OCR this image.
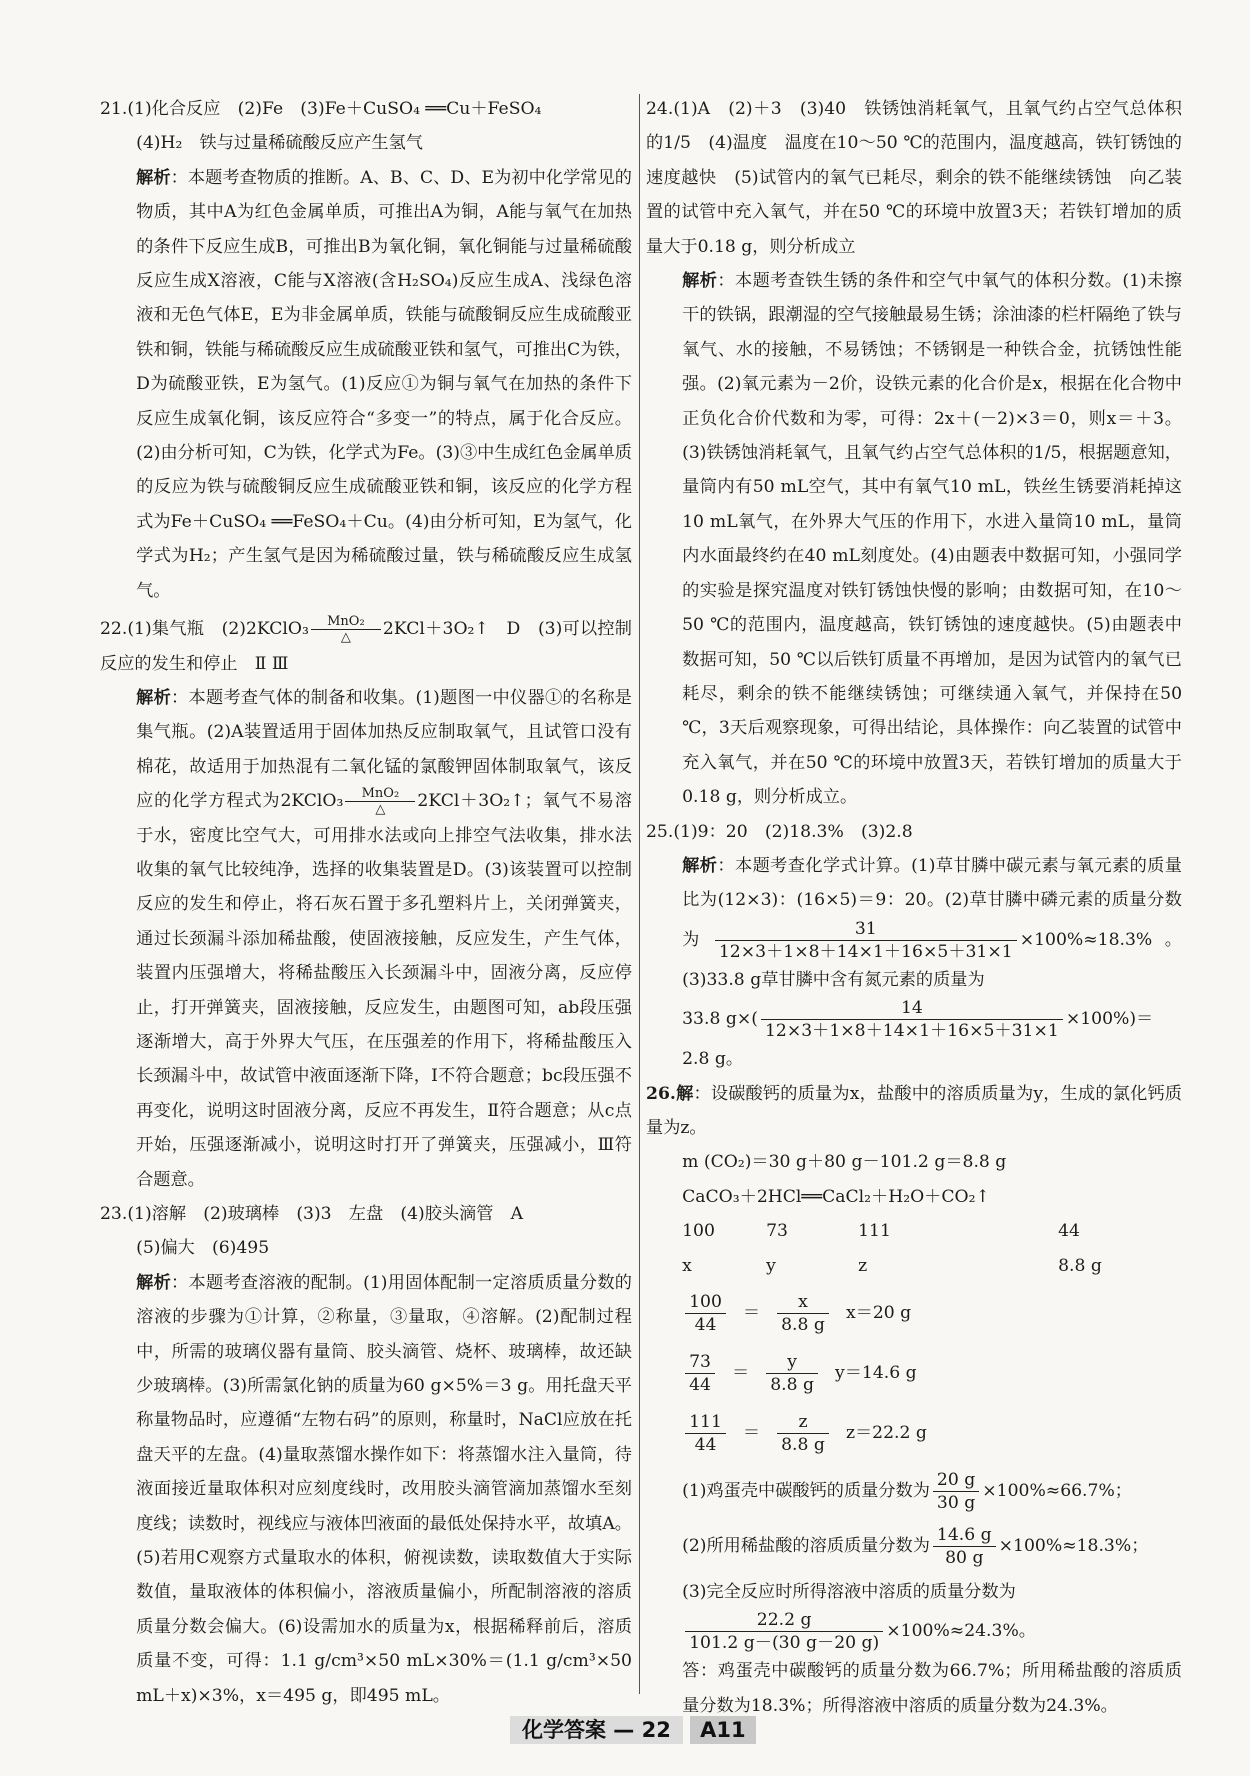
21.(1)化合反应　(2)Fe　(3)Fe＋CuSO₄ ══Cu＋FeSO₄

(4)H₂　铁与过量稀硫酸反应产生氢气

解析：本题考查物质的推断。A、B、C、D、E为初中化学常见的物质，其中A为红色金属单质，可推出A为铜，A能与氧气在加热的条件下反应生成B，可推出B为氧化铜，氧化铜能与过量稀硫酸反应生成X溶液，C能与X溶液(含H₂SO₄)反应生成A、浅绿色溶液和无色气体E，E为非金属单质，铁能与硫酸铜反应生成硫酸亚铁和铜，铁能与稀硫酸反应生成硫酸亚铁和氢气，可推出C为铁，D为硫酸亚铁，E为氢气。(1)反应①为铜与氧气在加热的条件下反应生成氧化铜，该反应符合“多变一”的特点，属于化合反应。(2)由分析可知，C为铁，化学式为Fe。(3)③中生成红色金属单质的反应为铁与硫酸铜反应生成硫酸亚铁和铜，该反应的化学方程式为Fe＋CuSO₄ ══FeSO₄＋Cu。(4)由分析可知，E为氢气，化学式为H₂；产生氢气是因为稀硫酸过量，铁与稀硫酸反应生成氢气。

22.(1)集气瓶　(2)2KClO₃	MnO₂
△	2KCl＋3O₂↑　D　(3)可以控制反应的发生和停止　Ⅱ Ⅲ

解析：本题考查气体的制备和收集。(1)题图一中仪器①的名称是集气瓶。(2)A装置适用于固体加热反应制取氧气，且试管口没有棉花，故适用于加热混有二氧化锰的氯酸钾固体制取氧气，该反应的化学方程式为2KClO₃	MnO₂
△	2KCl＋3O₂↑；氧气不易溶于水，密度比空气大，可用排水法或向上排空气法收集，排水法收集的氧气比较纯净，选择的收集装置是D。(3)该装置可以控制反应的发生和停止，将石灰石置于多孔塑料片上，关闭弹簧夹，通过长颈漏斗添加稀盐酸，使固液接触，反应发生，产生气体，装置内压强增大，将稀盐酸压入长颈漏斗中，固液分离，反应停止，打开弹簧夹，固液接触，反应发生，由题图可知，ab段压强逐渐增大，高于外界大气压，在压强差的作用下，将稀盐酸压入长颈漏斗中，故试管中液面逐渐下降，Ⅰ不符合题意；bc段压强不再变化，说明这时固液分离，反应不再发生，Ⅱ符合题意；从c点开始，压强逐渐减小，说明这时打开了弹簧夹，压强减小，Ⅲ符合题意。

23.(1)溶解　(2)玻璃棒　(3)3　左盘　(4)胶头滴管　A

(5)偏大　(6)495

解析：本题考查溶液的配制。(1)用固体配制一定溶质质量分数的溶液的步骤为①计算，②称量，③量取，④溶解。(2)配制过程中，所需的玻璃仪器有量筒、胶头滴管、烧杯、玻璃棒，故还缺少玻璃棒。(3)所需氯化钠的质量为60 g×5%＝3 g。用托盘天平称量物品时，应遵循“左物右码”的原则，称量时，NaCl应放在托盘天平的左盘。(4)量取蒸馏水操作如下：将蒸馏水注入量筒，待液面接近量取体积对应刻度线时，改用胶头滴管滴加蒸馏水至刻度线；读数时，视线应与液体凹液面的最低处保持水平，故填A。(5)若用C观察方式量取水的体积，俯视读数，读取数值大于实际数值，量取液体的体积偏小，溶液质量偏小，所配制溶液的溶质质量分数会偏大。(6)设需加水的质量为x，根据稀释前后，溶质质量不变，可得：1.1 g/cm³×50 mL×30%＝(1.1 g/cm³×50 mL＋x)×3%，x＝495 g，即495 mL。

24.(1)A　(2)＋3　(3)40　铁锈蚀消耗氧气，且氧气约占空气总体积的1/5　(4)温度　温度在10～50 ℃的范围内，温度越高，铁钉锈蚀的速度越快　(5)试管内的氧气已耗尽，剩余的铁不能继续锈蚀　向乙装置的试管中充入氧气，并在50 ℃的环境中放置3天；若铁钉增加的质量大于0.18 g，则分析成立

解析：本题考查铁生锈的条件和空气中氧气的体积分数。(1)未擦干的铁锅，跟潮湿的空气接触最易生锈；涂油漆的栏杆隔绝了铁与氧气、水的接触，不易锈蚀；不锈钢是一种铁合金，抗锈蚀性能强。(2)氧元素为－2价，设铁元素的化合价是x，根据在化合物中正负化合价代数和为零，可得：2x＋(－2)×3＝0，则x＝＋3。(3)铁锈蚀消耗氧气，且氧气约占空气总体积的1/5，根据题意知，量筒内有50 mL空气，其中有氧气10 mL，铁丝生锈要消耗掉这10 mL氧气，在外界大气压的作用下，水进入量筒10 mL，量筒内水面最终约在40 mL刻度处。(4)由题表中数据可知，小强同学的实验是探究温度对铁钉锈蚀快慢的影响；由数据可知，在10～50 ℃的范围内，温度越高，铁钉锈蚀的速度越快。(5)由题表中数据可知，50 ℃以后铁钉质量不再增加，是因为试管内的氧气已耗尽，剩余的铁不能继续锈蚀；可继续通入氧气，并保持在50 ℃，3天后观察现象，可得出结论，具体操作：向乙装置的试管中充入氧气，并在50 ℃的环境中放置3天，若铁钉增加的质量大于0.18 g，则分析成立。

25.(1)9：20　(2)18.3%　(3)2.8

解析：本题考查化学式计算。(1)草甘膦中碳元素与氧元素的质量比为(12×3)：(16×5)＝9：20。(2)草甘膦中磷元素的质量分数为 $\frac{31}{12\times 3+1\times 8+14\times 1+16\times 5+31\times 1} \times 100\%\approx 18.3\%$。(3)33.8 g草甘膦中含有氮元素的质量为

33.8 $g\times( \frac{14}{12\times 3+1\times 8+14\times 1+16\times 5+31\times 1} \times 100\%)=$

2.8 g。

26.解：设碳酸钙的质量为x，盐酸中的溶质质量为y，生成的氯化钙质量为z。

m (CO₂)＝30 g＋80 g－101.2 g＝8.8 g

CaCO₃＋2HCl══CaCl₂＋H₂O＋CO₂↑

100	73	111	44
x	y	z	8.8 g
$\frac{100}{44} = \frac{x}{8.8 g} x=20$ g
$\frac{73}{44} = \frac{y}{8.8 g} y=14.6$ g
$\frac{111}{44} = \frac{z}{8.8 g} z=22.2$ g

(1)鸡蛋壳中碳酸钙的质量分数为 $\frac{20 g}{30 g} \times 100\%\approx 66.7\%$；

(2)所用稀盐酸的溶质质量分数为 $\frac{14.6 g}{80 g} \times 100\%\approx 18.3\%$；

(3)完全反应时所得溶液中溶质的质量分数为

$\frac{22.2 g}{101.2 g-(30 g-20 g)} \times 100\%\approx 24.3\%$。

答：鸡蛋壳中碳酸钙的质量分数为66.7%；所用稀盐酸的溶质质量分数为18.3%；所得溶液中溶质的质量分数为24.3%。

化学答案 — 22 A11
